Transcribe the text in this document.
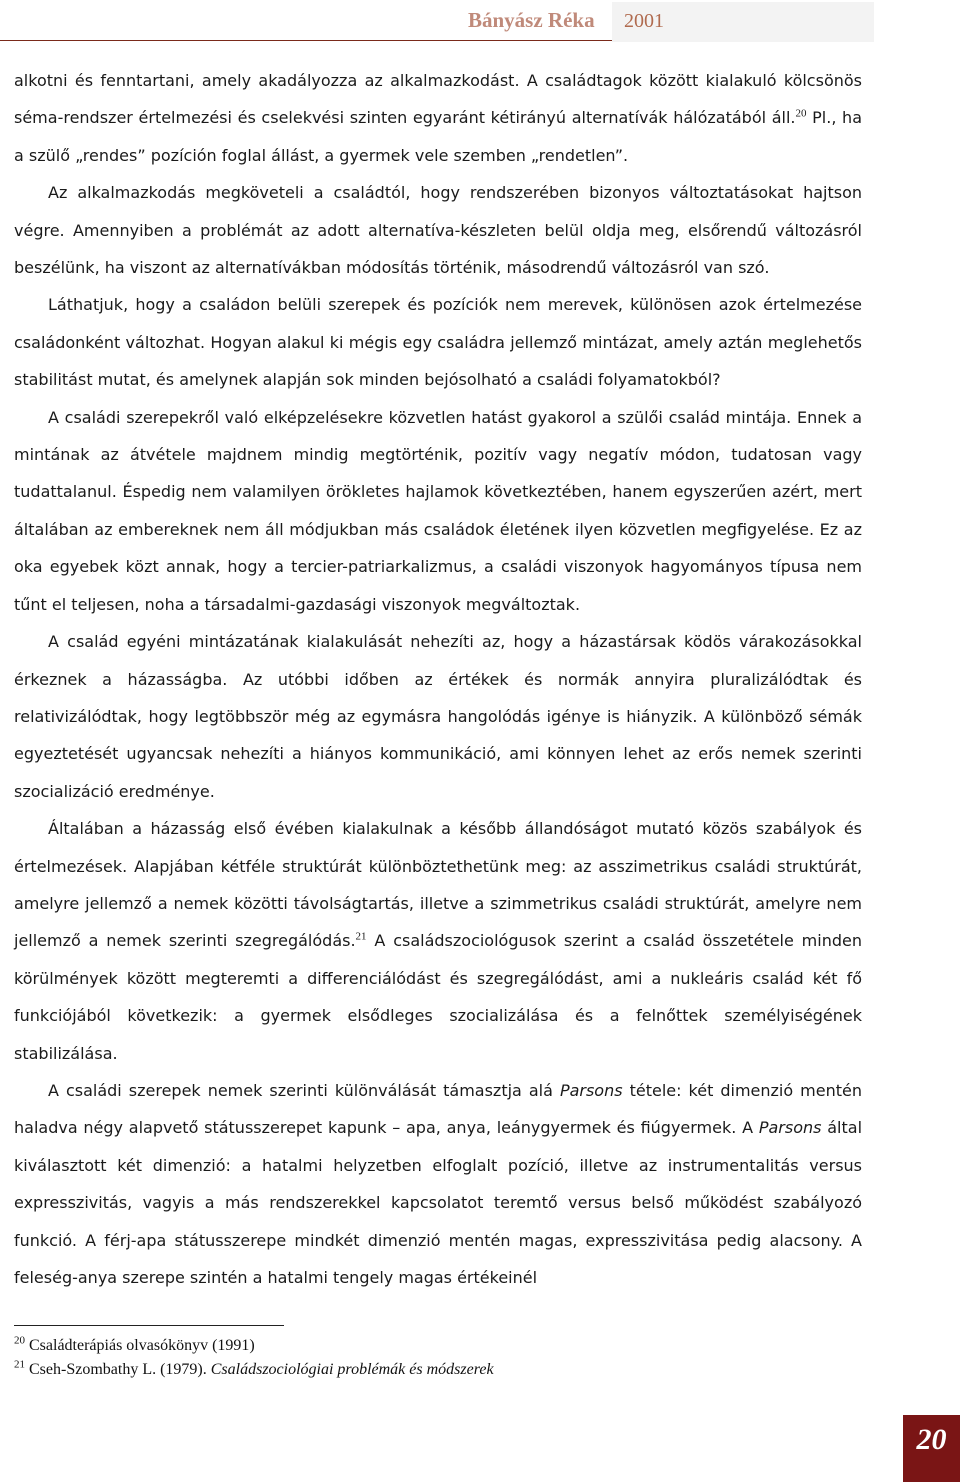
Bányász Réka 2001

alkotni és fenntartani, amely akadályozza az alkalmazkodást. A családtagok között kialakuló kölcsönös séma-rendszer értelmezési és cselekvési szinten egyaránt kétirányú alternatívák hálózatából áll.$^{20}$ Pl., ha a szülő „rendes” pozíción foglal állást, a gyermek vele szemben „rendetlen”.

Az alkalmazkodás megköveteli a családtól, hogy rendszerében bizonyos változtatásokat hajtson végre. Amennyiben a problémát az adott alternatíva-készleten belül oldja meg, elsőrendű változásról beszélünk, ha viszont az alternatívákban módosítás történik, másodrendű változásról van szó.

Láthatjuk, hogy a családon belüli szerepek és pozíciók nem merevek, különösen azok értelmezése családonként változhat. Hogyan alakul ki mégis egy családra jellemző mintázat, amely aztán meglehetős stabilitást mutat, és amelynek alapján sok minden bejósolható a családi folyamatokból?

A családi szerepekről való elképzelésekre közvetlen hatást gyakorol a szülői család mintája. Ennek a mintának az átvétele majdnem mindig megtörténik, pozitív vagy negatív módon, tudatosan vagy tudattalanul. Éspedig nem valamilyen örökletes hajlamok következtében, hanem egyszerűen azért, mert általában az embereknek nem áll módjukban más családok életének ilyen közvetlen megfigyelése. Ez az oka egyebek közt annak, hogy a tercier-patriarkalizmus, a családi viszonyok hagyományos típusa nem tűnt el teljesen, noha a társadalmi-gazdasági viszonyok megváltoztak.

A család egyéni mintázatának kialakulását nehezíti az, hogy a házastársak ködös várakozásokkal érkeznek a házasságba. Az utóbbi időben az értékek és normák annyira pluralizálódtak és relativizálódtak, hogy legtöbbször még az egymásra hangolódás igénye is hiányzik. A különböző sémák egyeztetését ugyancsak nehezíti a hiányos kommunikáció, ami könnyen lehet az erős nemek szerinti szocializáció eredménye.

Általában a házasság első évében kialakulnak a később állandóságot mutató közös szabályok és értelmezések. Alapjában kétféle struktúrát különböztethetünk meg: az asszimetrikus családi struktúrát, amelyre jellemző a nemek közötti távolságtartás, illetve a szimmetrikus családi struktúrát, amelyre nem jellemző a nemek szerinti szegregálódás.$^{21}$ A családszociológusok szerint a család összetétele minden körülmények között megteremti a differenciálódást és szegregálódást, ami a nukleáris család két fő funkciójából következik: a gyermek elsődleges szocializálása és a felnőttek személyiségének stabilizálása.

A családi szerepek nemek szerinti különválását támasztja alá Parsons tétele: két dimenzió mentén haladva négy alapvető státusszerepet kapunk – apa, anya, leánygyermek és fiúgyermek. A Parsons által kiválasztott két dimenzió: a hatalmi helyzetben elfoglalt pozíció, illetve az instrumentalitás versus expresszivitás, vagyis a más rendszerekkel kapcsolatot teremtő versus belső működést szabályozó funkció. A férj-apa státusszerepe mindkét dimenzió mentén magas, expresszivitása pedig alacsony. A feleség-anya szerepe szintén a hatalmi tengely magas értékeinél

$^{20}$ Családterápiás olvasókönyv (1991)
$^{21}$ Cseh-Szombathy L. (1979). Családszociológiai problémák és módszerek
20
